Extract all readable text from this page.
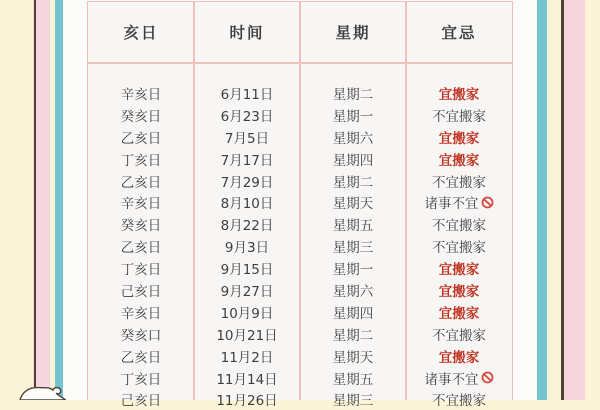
亥日	时间	星期	宜忌
辛亥日	6月11日	星期二	宜搬家
癸亥日	6月23日	星期一	不宜搬家
乙亥日	7月5日	星期六	宜搬家
丁亥日	7月17日	星期四	宜搬家
乙亥日	7月29日	星期二	不宜搬家
辛亥日	8月10日	星期天	诸事不宜
癸亥日	8月22日	星期五	不宜搬家
乙亥日	9月3日	星期三	不宜搬家
丁亥日	9月15日	星期一	宜搬家
己亥日	9月27日	星期六	宜搬家
辛亥日	10月9日	星期四	宜搬家
癸亥口	10月21日	星期二	不宜搬家
乙亥日	11月2日	星期天	宜搬家
丁亥日	11月14日	星期五	诸事不宜
己亥日	11月26日	星期三	不宜搬家
